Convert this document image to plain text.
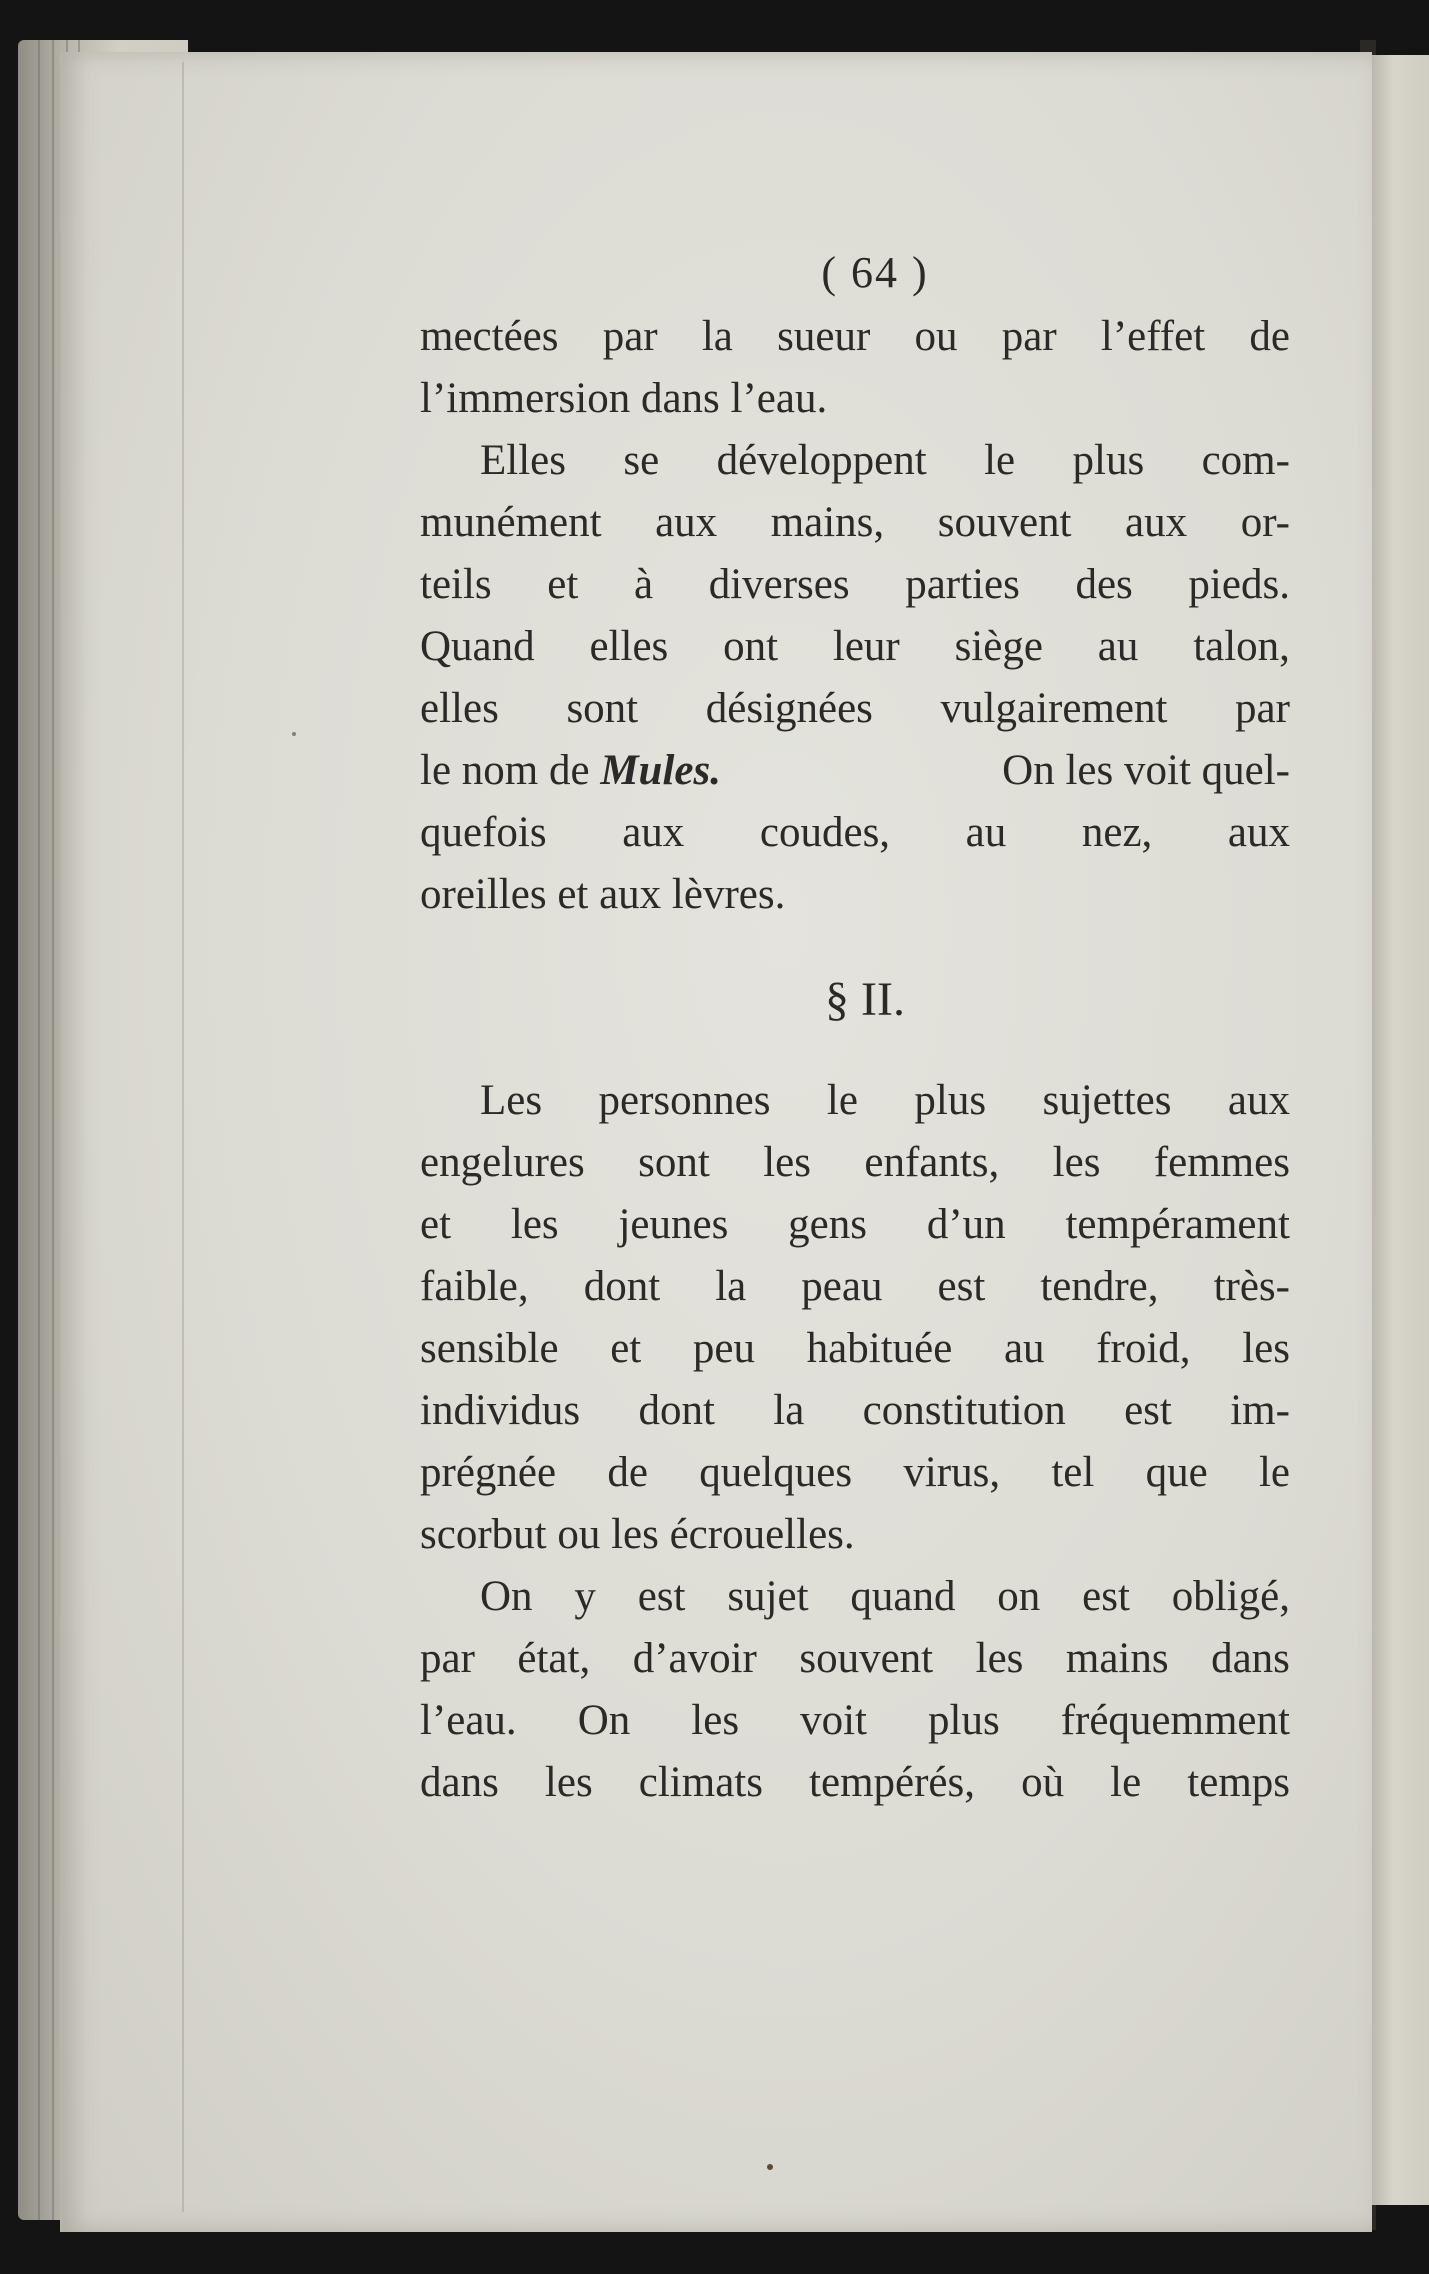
( 64 )
mectées par la sueur ou par l’effet de
l’immersion dans l’eau.
Elles se développent le plus com-
munément aux mains, souvent aux or-
teils et à diverses parties des pieds.
Quand elles ont leur siège au talon,
elles sont désignées vulgairement par
le nom de Mules.	On les voit quel-
quefois aux coudes, au nez, aux
oreilles et aux lèvres.
§ II.
Les personnes le plus sujettes aux
engelures sont les enfants, les femmes
et les jeunes gens d’un tempérament
faible, dont la peau est tendre, très-
sensible et peu habituée au froid, les
individus dont la constitution est im-
prégnée de quelques virus, tel que le
scorbut ou les écrouelles.
On y est sujet quand on est obligé,
par état, d’avoir souvent les mains dans
l’eau. On les voit plus fréquemment
dans les climats tempérés, où le temps
